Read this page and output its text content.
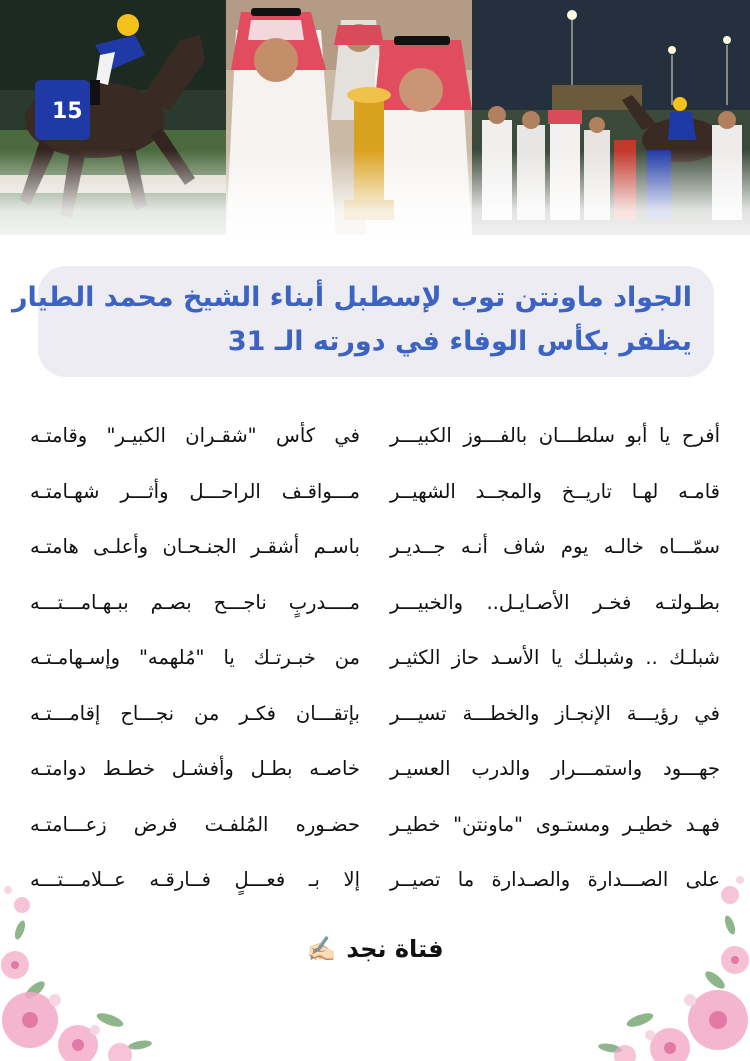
15
الجواد ماونتن توب لإسطبل أبناء الشيخ محمد الطيار
يظفر بكأس الوفاء في دورته الـ 31
أفرح يا أبو سلطـــان بالفـــوز الكبيـــر
في كأس "شقـران الكبيـر" وقامتـه
قامـه لهـا تاريــخ والمجــد الشهيــر
مـــواقـف الراحـــل وأثـــر شهـامتـه
سمّـــاه خالـه يوم شاف أنـه جــديـر
باسـم أشقـر الجنـحـان وأعلـى هامتـه
بطـولتـه فخـر الأصـايـل.. والخبيـــر
مــــدربٍ ناجـــح بصـم ببـهـامـــتـــه
شبلـك .. وشبلـك يا الأسـد حاز الكثيـر
من خبـرتـك يا "مُلهمه" وإسـهامـتـه
في رؤيـــة الإنجـاز والخطـــة تسيـــر
بإتقـــان فكـر من نجـــاح إقامـــتـه
جهـــود واستمـــرار والدرب العسيـر
خاصـه بطـل وأفشـل خطـط دوامتـه
فهـد خطيـر ومستـوى "ماونتن" خطيـر
حضـوره المُلفـت فرض زعـــامتـه
على الصـــدارة والصـدارة ما تصيــر
إلا بـ فعـــلٍ فــارقـه عــلامـــتـــه
فتاة نجد
✍🏻
